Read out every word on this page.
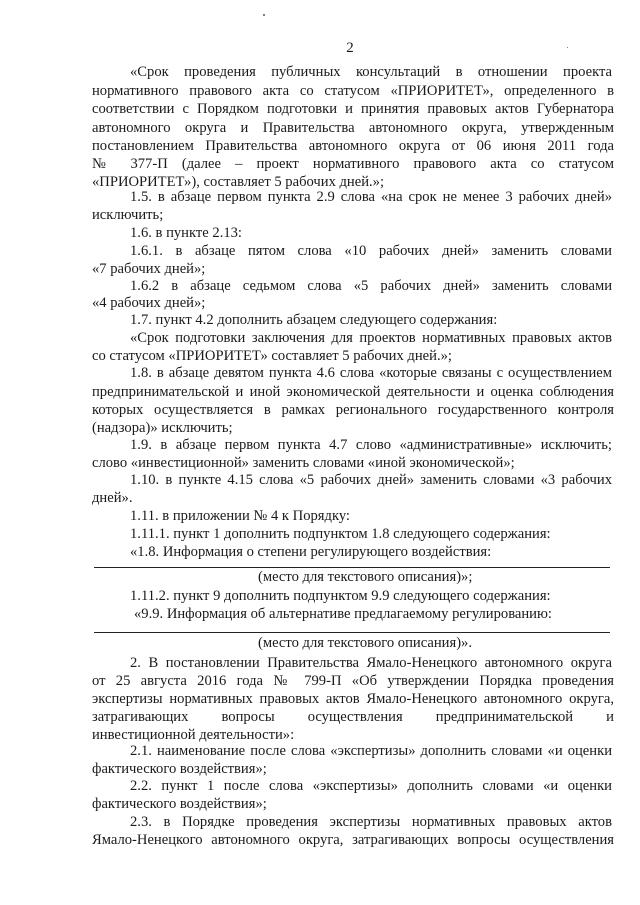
2
«Срок проведения публичных консультаций в отношении проекта
нормативного правового акта со статусом «ПРИОРИТЕТ», определенного в
соответствии с Порядком подготовки и принятия правовых актов Губернатора
автономного округа и Правительства автономного округа, утвержденным
постановлением Правительства автономного округа от 06 июня 2011 года
№ 377-П (далее – проект нормативного правового акта со статусом
«ПРИОРИТЕТ»), составляет 5 рабочих дней.»;
1.5. в абзаце первом пункта 2.9 слова «на срок не менее 3 рабочих дней»
исключить;
1.6. в пункте 2.13:
1.6.1. в абзаце пятом слова «10 рабочих дней» заменить словами
«7 рабочих дней»;
1.6.2 в абзаце седьмом слова «5 рабочих дней» заменить словами
«4 рабочих дней»;
1.7. пункт 4.2 дополнить абзацем следующего содержания:
«Срок подготовки заключения для проектов нормативных правовых актов
со статусом «ПРИОРИТЕТ» составляет 5 рабочих дней.»;
1.8. в абзаце девятом пункта 4.6 слова «которые связаны с осуществлением
предпринимательской и иной экономической деятельности и оценка соблюдения
которых осуществляется в рамках регионального государственного контроля
(надзора)» исключить;
1.9. в абзаце первом пункта 4.7 слово «административные» исключить;
слово «инвестиционной» заменить словами «иной экономической»;
1.10. в пункте 4.15 слова «5 рабочих дней» заменить словами «3 рабочих
дней».
1.11. в приложении № 4 к Порядку:
1.11.1. пункт 1 дополнить подпунктом 1.8 следующего содержания:
«1.8. Информация о степени регулирующего воздействия:
(место для текстового описания)»;
1.11.2. пункт 9 дополнить подпунктом 9.9 следующего содержания:
«9.9. Информация об альтернативе предлагаемому регулированию:
(место для текстового описания)».
2. В постановлении Правительства Ямало-Ненецкого автономного округа
от 25 августа 2016 года № 799-П «Об утверждении Порядка проведения
экспертизы нормативных правовых актов Ямало-Ненецкого автономного округа,
затрагивающих вопросы осуществления предпринимательской и
инвестиционной деятельности»:
2.1. наименование после слова «экспертизы» дополнить словами «и оценки
фактического воздействия»;
2.2. пункт 1 после слова «экспертизы» дополнить словами «и оценки
фактического воздействия»;
2.3. в Порядке проведения экспертизы нормативных правовых актов
Ямало-Ненецкого автономного округа, затрагивающих вопросы осуществления
